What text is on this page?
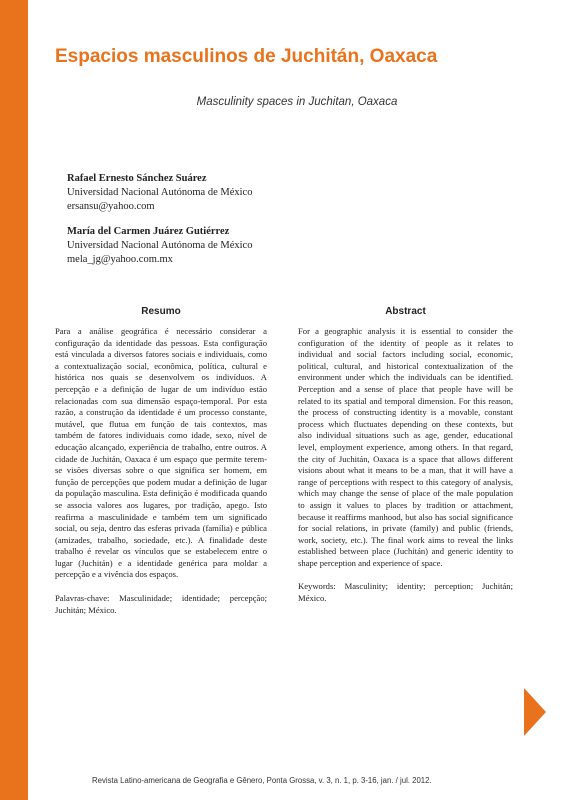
Espacios masculinos de Juchitán, Oaxaca
Masculinity spaces in Juchitan, Oaxaca
Rafael Ernesto Sánchez Suárez
Universidad Nacional Autónoma de México
ersansu@yahoo.com
María del Carmen Juárez Gutiérrez
Universidad Nacional Autónoma de México
mela_jg@yahoo.com.mx
Resumo	Abstract
Para a análise geográfica é necessário considerar a configuração da identidade das pessoas. Esta configuração está vinculada a diversos fatores sociais e individuais, como a contextualização social, econômica, política, cultural e histórica nos quais se desenvolvem os indivíduos. A percepção e a definição de lugar de um indivíduo estão relacionadas com sua dimensão espaço-temporal. Por esta razão, a construção da identidade é um processo constante, mutável, que flutua em função de tais contextos, mas também de fatores individuais como idade, sexo, nível de educação alcançado, experiência de trabalho, entre outros. A cidade de Juchitán, Oaxaca é um espaço que permite terem-se visões diversas sobre o que significa ser homem, em função de percepções que podem mudar a definição de lugar da população masculina. Esta definição é modificada quando se associa valores aos lugares, por tradição, apego. Isto reafirma a masculinidade e também tem um significado social, ou seja, dentro das esferas privada (família) e pública (amizades, trabalho, sociedade, etc.). A finalidade deste trabalho é revelar os vínculos que se estabelecem entre o lugar (Juchitán) e a identidade genérica para moldar a percepção e a vivência dos espaços.
Palavras-chave: Masculinidade; identidade; percepção; Juchitán; México.
For a geographic analysis it is essential to consider the configuration of the identity of people as it relates to individual and social factors including social, economic, political, cultural, and historical contextualization of the environment under which the individuals can be identified. Perception and a sense of place that people have will be related to its spatial and temporal dimension. For this reason, the process of constructing identity is a movable, constant process which fluctuates depending on these contexts, but also individual situations such as age, gender, educational level, employment experience, among others. In that regard, the city of Juchitán, Oaxaca is a space that allows different visions about what it means to be a man, that it will have a range of perceptions with respect to this category of analysis, which may change the sense of place of the male population to assign it values to places by tradition or attachment, because it reaffirms manhood, but also has social significance for social relations, in private (family) and public (friends, work, society, etc.). The final work aims to reveal the links established between place (Juchitán) and generic identity to shape perception and experience of space.
Keywords: Masculinity; identity; perception; Juchitán; México.
Revista Latino-americana de Geografia e Gênero, Ponta Grossa, v. 3, n. 1, p. 3-16, jan. / jul. 2012.
